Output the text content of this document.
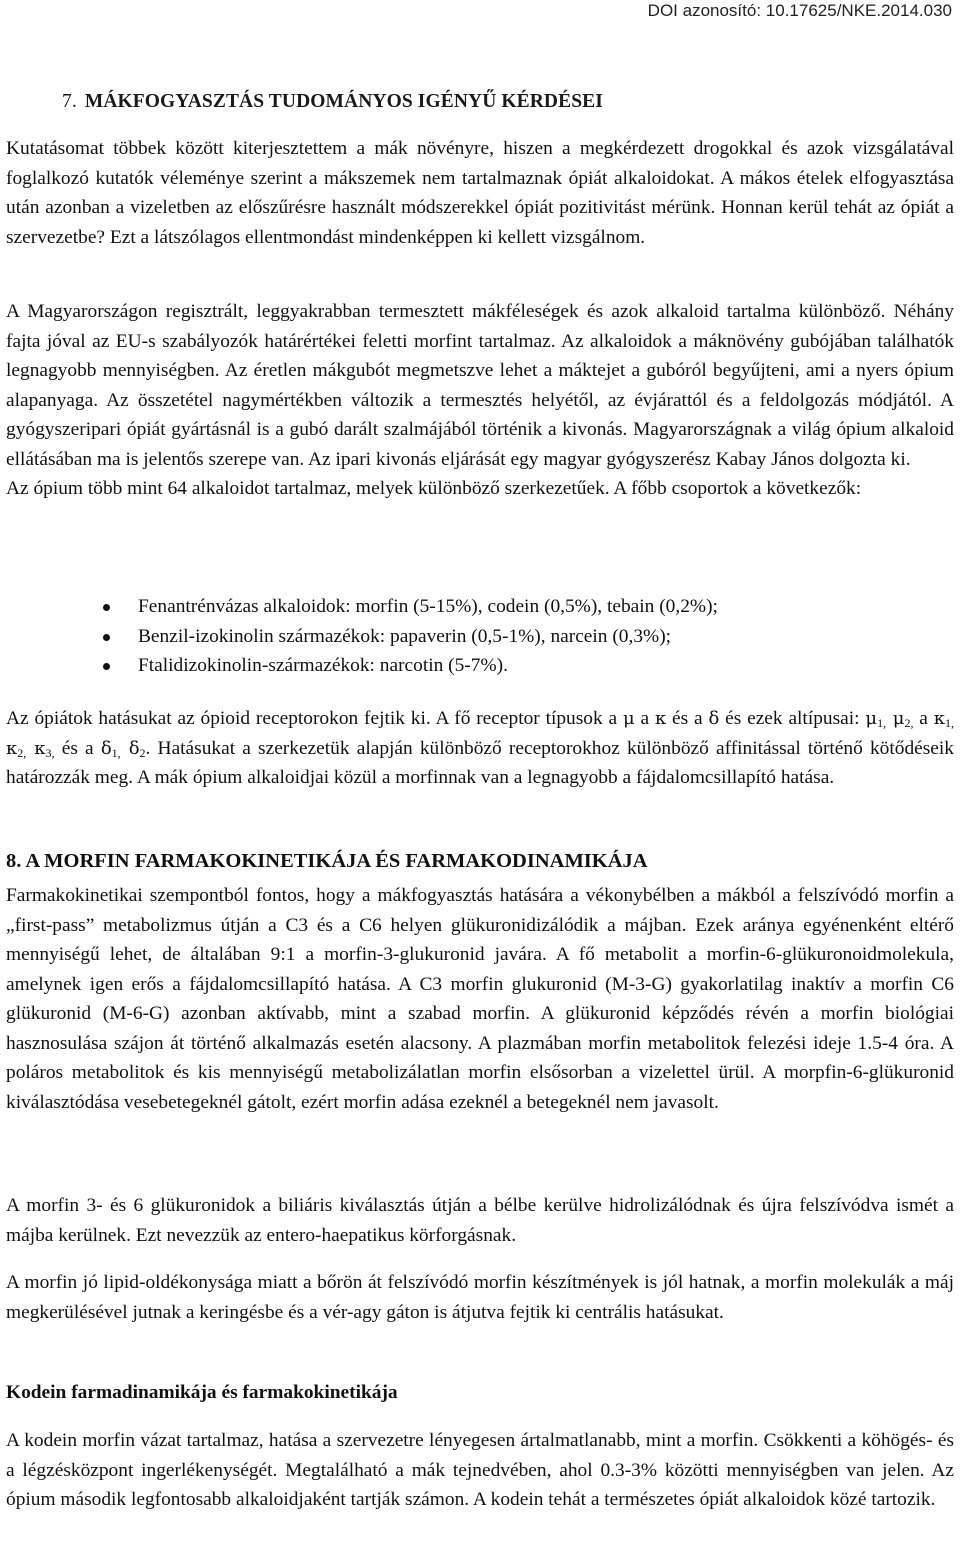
DOI azonosító: 10.17625/NKE.2014.030
7. MÁKFOGYASZTÁS TUDOMÁNYOS IGÉNYŰ KÉRDÉSEI

Kutatásomat többek között kiterjesztettem a mák növényre, hiszen a megkérdezett drogokkal és azok vizsgálatával foglalkozó kutatók véleménye szerint a mákszemek nem tartalmaznak ópiát alkaloidokat. A mákos ételek elfogyasztása után azonban a vizeletben az előszűrésre használt módszerekkel ópiát pozitivitást mérünk. Honnan kerül tehát az ópiát a szervezetbe? Ezt a látszólagos ellentmondást mindenképpen ki kellett vizsgálnom.

A Magyarországon regisztrált, leggyakrabban termesztett mákféleségek és azok alkaloid tartalma különböző. Néhány fajta jóval az EU-s szabályozók határértékei feletti morfint tartalmaz. Az alkaloidok a máknövény gubójában találhatók legnagyobb mennyiségben. Az éretlen mákgubót megmetszve lehet a máktejet a gubóról begyűjteni, ami a nyers ópium alapanyaga. Az összetétel nagymértékben változik a termesztés helyétől, az évjárattól és a feldolgozás módjától. A gyógyszeripari ópiát gyártásnál is a gubó darált szalmájából történik a kivonás. Magyarországnak a világ ópium alkaloid ellátásában ma is jelentős szerepe van. Az ipari kivonás eljárását egy magyar gyógyszerész Kabay János dolgozta ki.

Az ópium több mint 64 alkaloidot tartalmaz, melyek különböző szerkezetűek. A főbb csoportok a következők:

Fenantrénvázas alkaloidok: morfin (5-15%), codein (0,5%), tebain (0,2%);
Benzil-izokinolin származékok: papaverin (0,5-1%), narcein (0,3%);
Ftalidizokinolin-származékok: narcotin (5-7%).

Az ópiátok hatásukat az ópioid receptorokon fejtik ki. A fő receptor típusok a μ a κ és a δ és ezek altípusai: $\mu_{1,}$ $\mu_{2,}$ a $\kappa_{1,}$ $\kappa_{2,}$ $\kappa_{3,}$ és a $\delta_{1,}$ $\delta_2$. Hatásukat a szerkezetük alapján különböző receptorokhoz különböző affinitással történő kötődéseik határozzák meg. A mák ópium alkaloidjai közül a morfinnak van a legnagyobb a fájdalomcsillapító hatása.

8. A MORFIN FARMAKOKINETIKÁJA ÉS FARMAKODINAMIKÁJA

Farmakokinetikai szempontból fontos, hogy a mákfogyasztás hatására a vékonybélben a mákból a felszívódó morfin a „first-pass” metabolizmus útján a C3 és a C6 helyen glükuronidizálódik a májban. Ezek aránya egyénenként eltérő mennyiségű lehet, de általában 9:1 a morfin-3-glukuronid javára. A fő metabolit a morfin-6-glükuronoidmolekula, amelynek igen erős a fájdalomcsillapító hatása. A C3 morfin glukuronid (M-3-G) gyakorlatilag inaktív a morfin C6 glükuronid (M-6-G) azonban aktívabb, mint a szabad morfin. A glükuronid képződés révén a morfin biológiai hasznosulása szájon át történő alkalmazás esetén alacsony. A plazmában morfin metabolitok felezési ideje 1.5-4 óra. A poláros metabolitok és kis mennyiségű metabolizálatlan morfin elsősorban a vizelettel ürül. A morpfin-6-glükuronid kiválasztódása vesebetegeknél gátolt, ezért morfin adása ezeknél a betegeknél nem javasolt.

A morfin 3- és 6 glükuronidok a biliáris kiválasztás útján a bélbe kerülve hidrolizálódnak és újra felszívódva ismét a májba kerülnek. Ezt nevezzük az entero-haepatikus körforgásnak.

A morfin jó lipid-oldékonysága miatt a bőrön át felszívódó morfin készítmények is jól hatnak, a morfin molekulák a máj megkerülésével jutnak a keringésbe és a vér-agy gáton is átjutva fejtik ki centrális hatásukat.

Kodein farmadinamikája és farmakokinetikája

A kodein morfin vázat tartalmaz, hatása a szervezetre lényegesen ártalmatlanabb, mint a morfin. Csökkenti a köhögés- és a légzésközpont ingerlékenységét. Megtalálható a mák tejnedvében, ahol 0.3-3% közötti mennyiségben van jelen. Az ópium második legfontosabb alkaloidjaként tartják számon. A kodein tehát a természetes ópiát alkaloidok közé tartozik.
